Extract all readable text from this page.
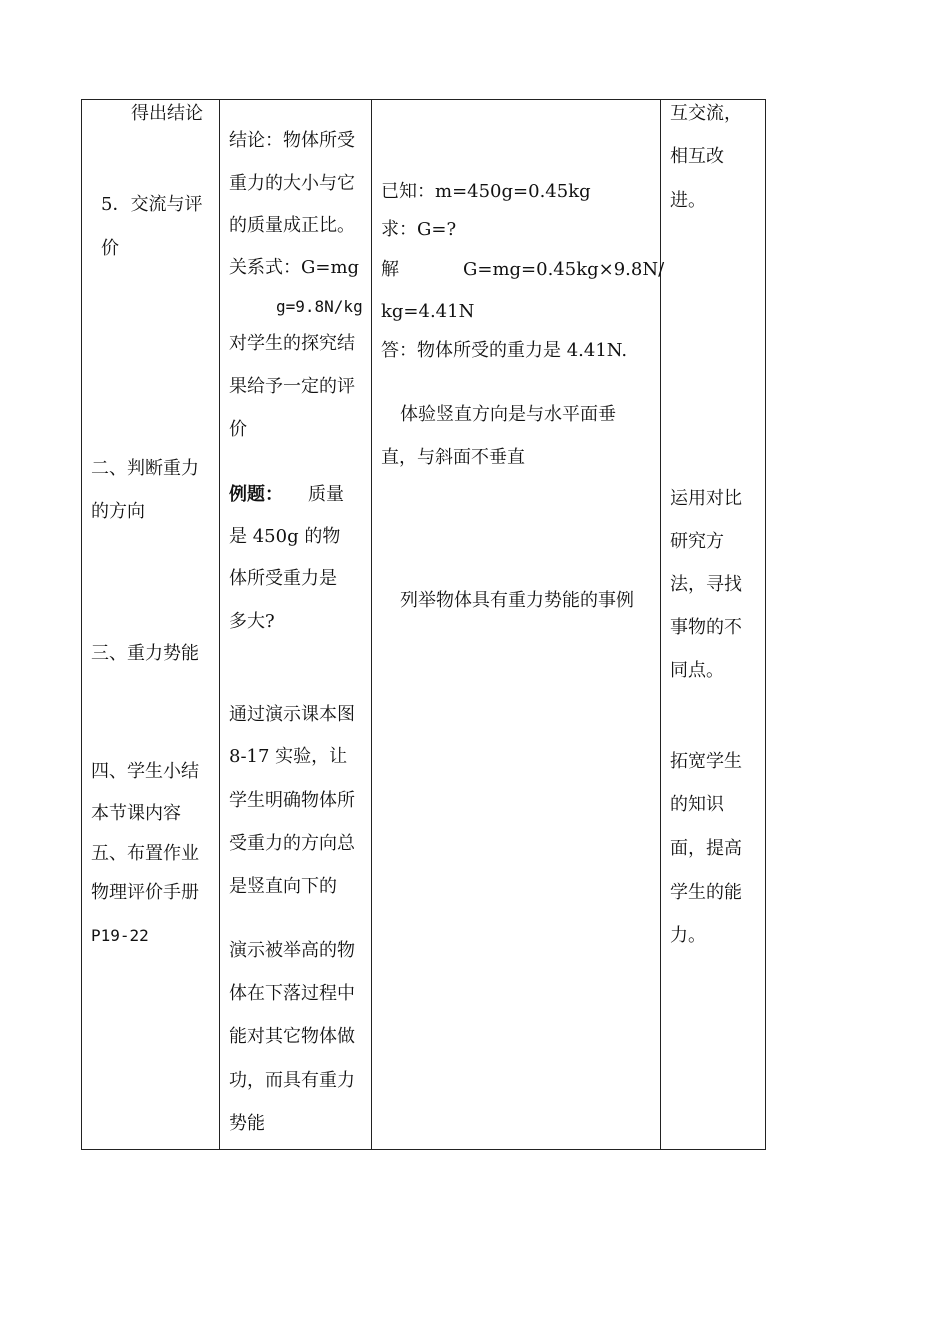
得出结论
5．交流与评
价
二、判断重力
的方向
三、重力势能
四、学生小结
本节课内容
五、布置作业
物理评价手册
P19-22
结论：物体所受
重力的大小与它
的质量成正比。
关系式：G=mg
g=9.8N/kg
对学生的探究结
果给予一定的评
价
例题： 质量
是 450g 的物
体所受重力是
多大?
通过演示课本图
8-17 实验，让
学生明确物体所
受重力的方向总
是竖直向下的
演示被举高的物
体在下落过程中
能对其它物体做
功，而具有重力
势能
已知：m=450g=0.45kg
求：G=?
解	G=mg=0.45kg×9.8N/
kg=4.41N
答：物体所受的重力是 4.41N.
体验竖直方向是与水平面垂
直，与斜面不垂直
列举物体具有重力势能的事例
互交流，
相互改
进。
运用对比
研究方
法，寻找
事物的不
同点。
拓宽学生
的知识
面，提高
学生的能
力。
